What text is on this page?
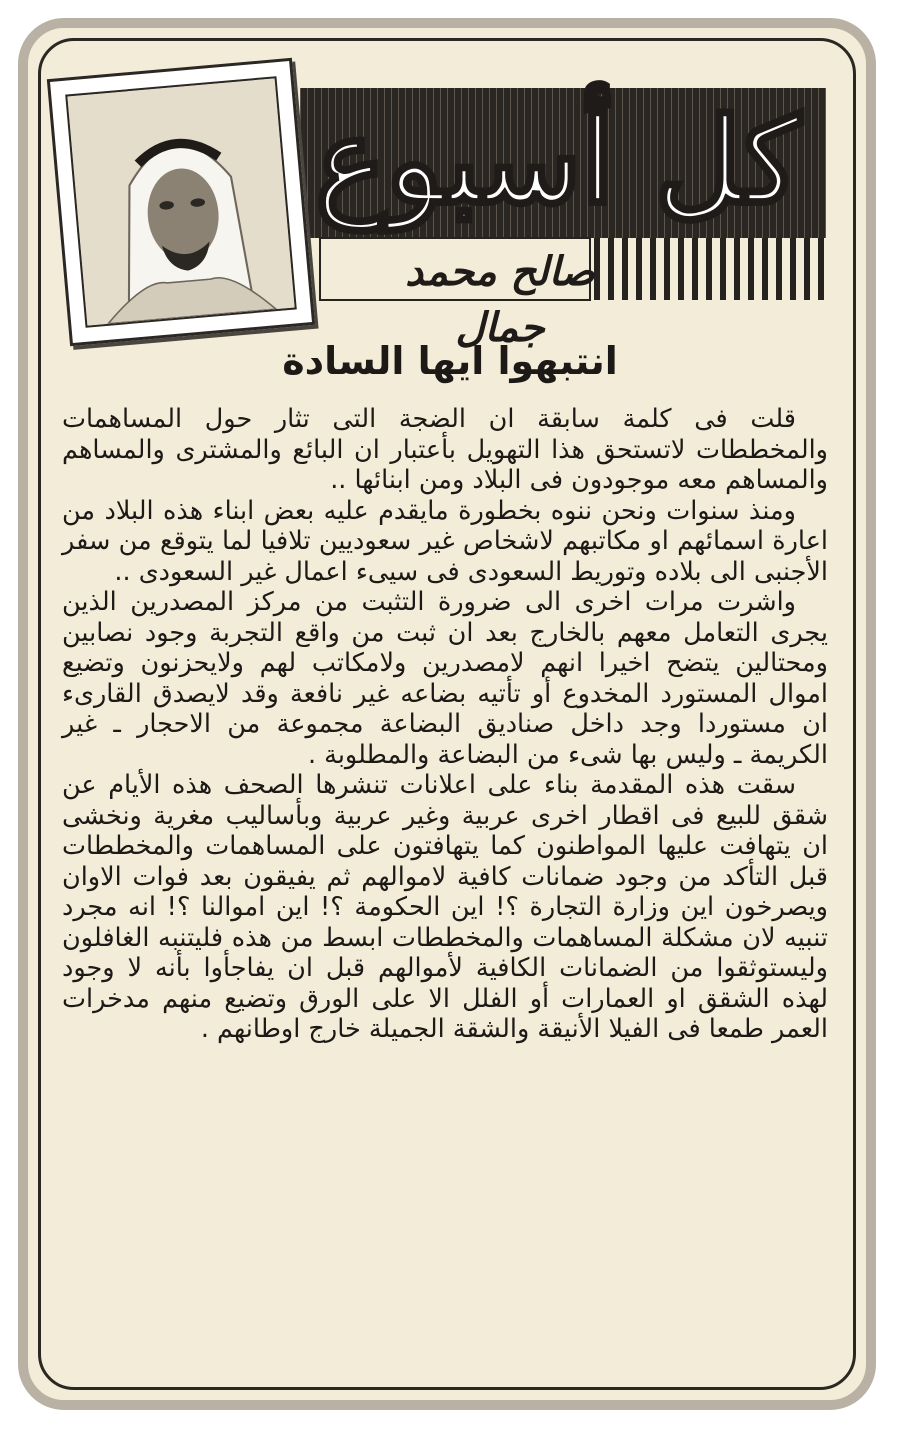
كل أسبوع
صالح محمد جمال
انتبهوا ايها السادة

قلت فى كلمة سابقة ان الضجة التى تثار حول المساهمات والمخططات لاتستحق هذا التهويل بأعتبار ان البائع والمشترى والمساهم والمساهم معه موجودون فى البلاد ومن ابنائها ..

ومنذ سنوات ونحن ننوه بخطورة مايقدم عليه بعض ابناء هذه البلاد من اعارة اسمائهم او مكاتبهم لاشخاص غير سعوديين تلافيا لما يتوقع من سفر الأجنبى الى بلاده وتوريط السعودى فى سيىء اعمال غير السعودى ..

واشرت مرات اخرى الى ضرورة التثبت من مركز المصدرين الذين يجرى التعامل معهم بالخارج بعد ان ثبت من واقع التجربة وجود نصابين ومحتالين يتضح اخيرا انهم لامصدرين ولامكاتب لهم ولايحزنون وتضيع اموال المستورد المخدوع أو تأتيه بضاعه غير نافعة وقد لايصدق القارىء ان مستوردا وجد داخل صناديق البضاعة مجموعة من الاحجار ـ غير الكريمة ـ وليس بها شىء من البضاعة والمطلوبة .

سقت هذه المقدمة بناء على اعلانات تنشرها الصحف هذه الأيام عن شقق للبيع فى اقطار اخرى عربية وغير عربية وبأساليب مغرية ونخشى ان يتهافت عليها المواطنون كما يتهافتون على المساهمات والمخططات قبل التأكد من وجود ضمانات كافية لاموالهم ثم يفيقون بعد فوات الاوان ويصرخون اين وزارة التجارة ؟! اين الحكومة ؟! اين اموالنا ؟! انه مجرد تنبيه لان مشكلة المساهمات والمخططات ابسط من هذه فليتنبه الغافلون وليستوثقوا من الضمانات الكافية لأموالهم قبل ان يفاجأوا بأنه لا وجود لهذه الشقق او العمارات أو الفلل الا على الورق وتضيع منهم مدخرات العمر طمعا فى الفيلا الأنيقة والشقة الجميلة خارج اوطانهم .
